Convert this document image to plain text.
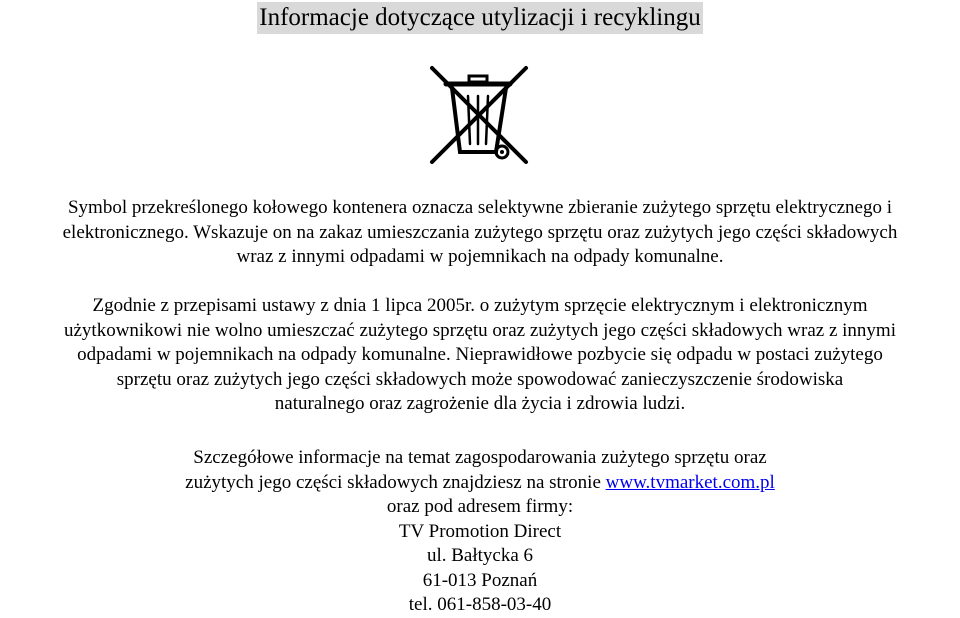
Informacje dotyczące utylizacji i recyklingu

Symbol przekreślonego kołowego kontenera oznacza selektywne zbieranie zużytego sprzętu elektrycznego i
elektronicznego. Wskazuje on na zakaz umieszczania zużytego sprzętu oraz zużytych jego części składowych
wraz z innymi odpadami w pojemnikach na odpady komunalne.

Zgodnie z przepisami ustawy z dnia 1 lipca 2005r. o zużytym sprzęcie elektrycznym i elektronicznym
użytkownikowi nie wolno umieszczać zużytego sprzętu oraz zużytych jego części składowych wraz z innymi
odpadami w pojemnikach na odpady komunalne. Nieprawidłowe pozbycie się odpadu w postaci zużytego
sprzętu oraz zużytych jego części składowych może spowodować zanieczyszczenie środowiska
naturalnego oraz zagrożenie dla życia i zdrowia ludzi.

Szczegółowe informacje na temat zagospodarowania zużytego sprzętu oraz
zużytych jego części składowych znajdziesz na stronie www.tvmarket.com.pl
oraz pod adresem firmy:
TV Promotion Direct
ul. Bałtycka 6
61-013 Poznań
tel. 061-858-03-40
